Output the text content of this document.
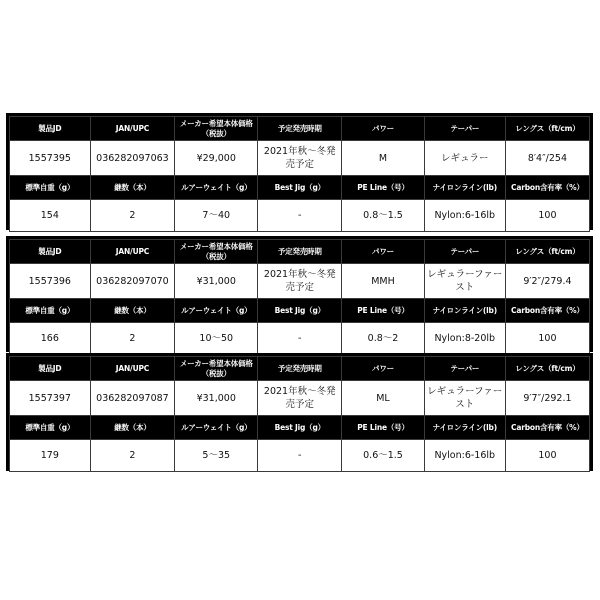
製品JD	JAN/UPC	メーカー希望本体価格（税抜）	予定発売時期	パワー	テーパー	レングス（ft/cm）
1557395	036282097063	¥29,000	2021年秋〜冬発売予定	M	レギュラー	8′4″/254
標準自重（g）	継数（本）	ルアーウェイト（g）	Best Jig（g）	PE Line（号）	ナイロンライン(lb)	Carbon含有率（%）
154	2	7〜40	-	0.8〜1.5	Nylon:6-16lb	100
製品JD	JAN/UPC	メーカー希望本体価格（税抜）	予定発売時期	パワー	テーパー	レングス（ft/cm）
1557396	036282097070	¥31,000	2021年秋〜冬発売予定	MMH	レギュラーファースト	9′2″/279.4
標準自重（g）	継数（本）	ルアーウェイト（g）	Best Jig（g）	PE Line（号）	ナイロンライン(lb)	Carbon含有率（%）
166	2	10〜50	-	0.8〜2	Nylon:8-20lb	100
製品JD	JAN/UPC	メーカー希望本体価格（税抜）	予定発売時期	パワー	テーパー	レングス（ft/cm）
1557397	036282097087	¥31,000	2021年秋〜冬発売予定	ML	レギュラーファースト	9′7″/292.1
標準自重（g）	継数（本）	ルアーウェイト（g）	Best Jig（g）	PE Line（号）	ナイロンライン(lb)	Carbon含有率（%）
179	2	5〜35	-	0.6〜1.5	Nylon:6-16lb	100
